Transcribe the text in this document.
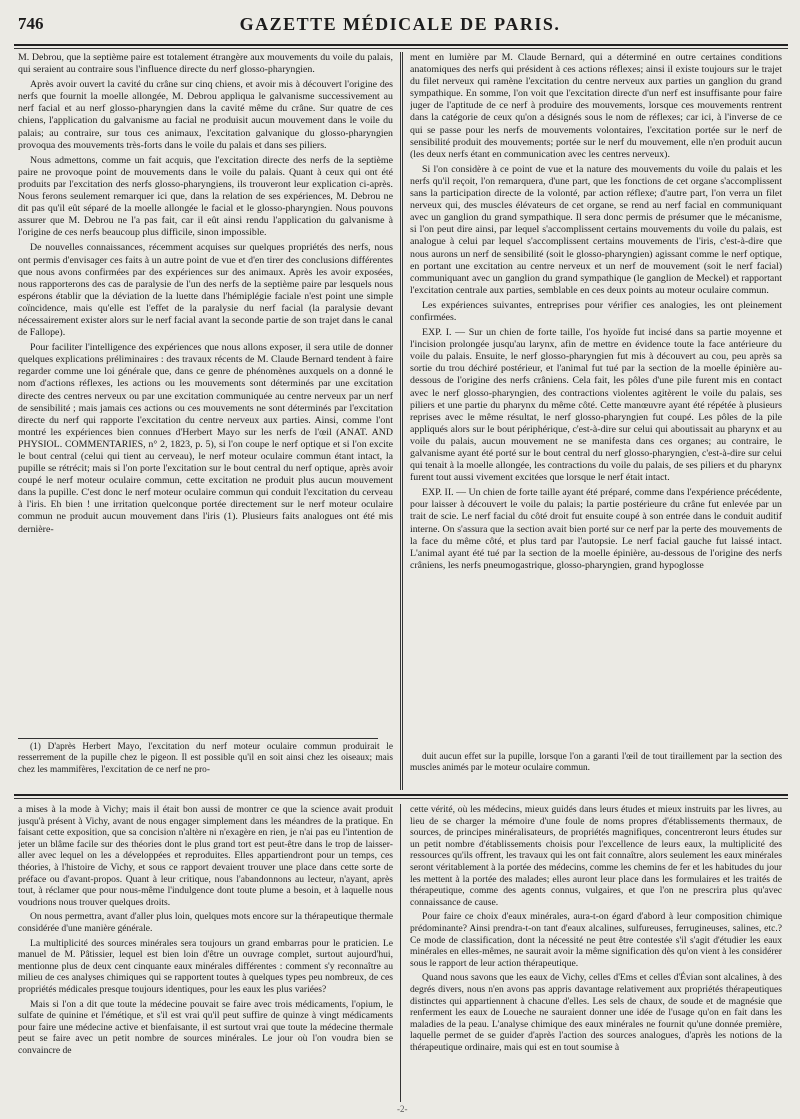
746	GAZETTE MÉDICALE DE PARIS.

M. Debrou, que la septième paire est totalement étrangère aux mouvements du voile du palais, qui seraient au contraire sous l'influence directe du nerf glosso-pharyngien.

Après avoir ouvert la cavité du crâne sur cinq chiens, et avoir mis à découvert l'origine des nerfs que fournit la moelle allongée, M. Debrou appliqua le galvanisme successivement au nerf facial et au nerf glosso-pharyngien dans la cavité même du crâne. Sur quatre de ces chiens, l'application du galvanisme au facial ne produisit aucun mouvement dans le voile du palais; au contraire, sur tous ces animaux, l'excitation galvanique du glosso-pharyngien provoqua des mouvements très-forts dans le voile du palais et dans ses piliers.

Nous admettons, comme un fait acquis, que l'excitation directe des nerfs de la septième paire ne provoque point de mouvements dans le voile du palais. Quant à ceux qui ont été produits par l'excitation des nerfs glosso-pharyngiens, ils trouveront leur explication ci-après. Nous ferons seulement remarquer ici que, dans la relation de ses expériences, M. Debrou ne dit pas qu'il eût séparé de la moelle allongée le facial et le glosso-pharyngien. Nous pouvons assurer que M. Debrou ne l'a pas fait, car il eût ainsi rendu l'application du galvanisme à l'origine de ces nerfs beaucoup plus difficile, sinon impossible.

De nouvelles connaissances, récemment acquises sur quelques propriétés des nerfs, nous ont permis d'envisager ces faits à un autre point de vue et d'en tirer des conclusions différentes que nous avons confirmées par des expériences sur des animaux. Après les avoir exposées, nous rapporterons des cas de paralysie de l'un des nerfs de la septième paire par lesquels nous espérons établir que la déviation de la luette dans l'hémiplégie faciale n'est point une simple coïncidence, mais qu'elle est l'effet de la paralysie du nerf facial (la paralysie devant nécessairement exister alors sur le nerf facial avant la seconde partie de son trajet dans le canal de Fallope).

Pour faciliter l'intelligence des expériences que nous allons exposer, il sera utile de donner quelques explications préliminaires : des travaux récents de M. Claude Bernard tendent à faire regarder comme une loi générale que, dans ce genre de phénomènes auxquels on a donné le nom d'actions réflexes, les actions ou les mouvements sont déterminés par une excitation directe des centres nerveux ou par une excitation communiquée au centre nerveux par un nerf de sensibilité ; mais jamais ces actions ou ces mouvements ne sont déterminés par l'excitation directe du nerf qui rapporte l'excitation du centre nerveux aux parties. Ainsi, comme l'ont montré les expériences bien connues d'Herbert Mayo sur les nerfs de l'œil (ANAT. AND PHYSIOL. COMMENTARIES, n° 2, 1823, p. 5), si l'on coupe le nerf optique et si l'on excite le bout central (celui qui tient au cerveau), le nerf moteur oculaire commun étant intact, la pupille se rétrécit; mais si l'on porte l'excitation sur le bout central du nerf optique, après avoir coupé le nerf moteur oculaire commun, cette excitation ne produit plus aucun mouvement dans la pupille. C'est donc le nerf moteur oculaire commun qui conduit l'excitation du cerveau à l'iris. Eh bien ! une irritation quelconque portée directement sur le nerf moteur oculaire commun ne produit aucun mouvement dans l'iris (1). Plusieurs faits analogues ont été mis dernière-

ment en lumière par M. Claude Bernard, qui a déterminé en outre certaines conditions anatomiques des nerfs qui président à ces actions réflexes; ainsi il existe toujours sur le trajet du filet nerveux qui ramène l'excitation du centre nerveux aux parties un ganglion du grand sympathique. En somme, l'on voit que l'excitation directe d'un nerf est insuffisante pour faire juger de l'aptitude de ce nerf à produire des mouvements, lorsque ces mouvements rentrent dans la catégorie de ceux qu'on a désignés sous le nom de réflexes; car ici, à l'inverse de ce qui se passe pour les nerfs de mouvements volontaires, l'excitation portée sur le nerf de sensibilité produit des mouvements; portée sur le nerf du mouvement, elle n'en produit aucun (les deux nerfs étant en communication avec les centres nerveux).

Si l'on considère à ce point de vue et la nature des mouvements du voile du palais et les nerfs qu'il reçoit, l'on remarquera, d'une part, que les fonctions de cet organe s'accomplissent sans la participation directe de la volonté, par action réflexe; d'autre part, l'on verra un filet nerveux qui, des muscles élévateurs de cet organe, se rend au nerf facial en communiquant avec un ganglion du grand sympathique. Il sera donc permis de présumer que le mécanisme, si l'on peut dire ainsi, par lequel s'accomplissent certains mouvements du voile du palais, est analogue à celui par lequel s'accomplissent certains mouvements de l'iris, c'est-à-dire que nous aurons un nerf de sensibilité (soit le glosso-pharyngien) agissant comme le nerf optique, en portant une excitation au centre nerveux et un nerf de mouvement (soit le nerf facial) communiquant avec un ganglion du grand sympathique (le ganglion de Meckel) et rapportant l'excitation centrale aux parties, semblable en ces deux points au moteur oculaire commun.

Les expériences suivantes, entreprises pour vérifier ces analogies, les ont pleinement confirmées.

EXP. I. — Sur un chien de forte taille, l'os hyoïde fut incisé dans sa partie moyenne et l'incision prolongée jusqu'au larynx, afin de mettre en évidence toute la face antérieure du voile du palais. Ensuite, le nerf glosso-pharyngien fut mis à découvert au cou, peu après sa sortie du trou déchiré postérieur, et l'animal fut tué par la section de la moelle épinière au-dessous de l'origine des nerfs crâniens. Cela fait, les pôles d'une pile furent mis en contact avec le nerf glosso-pharyngien, des contractions violentes agitèrent le voile du palais, ses piliers et une partie du pharynx du même côté. Cette manœuvre ayant été répétée à plusieurs reprises avec le même résultat, le nerf glosso-pharyngien fut coupé. Les pôles de la pile appliqués alors sur le bout périphérique, c'est-à-dire sur celui qui aboutissait au pharynx et au voile du palais, aucun mouvement ne se manifesta dans ces organes; au contraire, le galvanisme ayant été porté sur le bout central du nerf glosso-pharyngien, c'est-à-dire sur celui qui tenait à la moelle allongée, les contractions du voile du palais, de ses piliers et du pharynx furent tout aussi vivement excitées que lorsque le nerf était intact.

EXP. II. — Un chien de forte taille ayant été préparé, comme dans l'expérience précédente, pour laisser à découvert le voile du palais; la partie postérieure du crâne fut enlevée par un trait de scie. Le nerf facial du côté droit fut ensuite coupé à son entrée dans le conduit auditif interne. On s'assura que la section avait bien porté sur ce nerf par la perte des mouvements de la face du même côté, et plus tard par l'autopsie. Le nerf facial gauche fut laissé intact. L'animal ayant été tué par la section de la moelle épinière, au-dessous de l'origine des nerfs crâniens, les nerfs pneumogastrique, glosso-pharyngien, grand hypoglosse

(1) D'après Herbert Mayo, l'excitation du nerf moteur oculaire commun produirait le resserrement de la pupille chez le pigeon. Il est possible qu'il en soit ainsi chez les oiseaux; mais chez les mammifères, l'excitation de ce nerf ne pro-

duit aucun effet sur la pupille, lorsque l'on a garanti l'œil de tout tiraillement par la section des muscles animés par le moteur oculaire commun.

a mises à la mode à Vichy; mais il était bon aussi de montrer ce que la science avait produit jusqu'à présent à Vichy, avant de nous engager simplement dans les méandres de la pratique. En faisant cette exposition, que sa concision n'altère ni n'exagère en rien, je n'ai pas eu l'intention de jeter un blâme facile sur des théories dont le plus grand tort est peut-être dans le trop de laisser-aller avec lequel on les a développées et reproduites. Elles appartiendront pour un temps, ces théories, à l'histoire de Vichy, et sous ce rapport devaient trouver une place dans cette sorte de préface ou d'avant-propos. Quant à leur critique, nous l'abandonnons au lecteur, n'ayant, après tout, à réclamer que pour nous-même l'indulgence dont toute plume a besoin, et à laquelle nous voudrions nous trouver quelques droits.

On nous permettra, avant d'aller plus loin, quelques mots encore sur la thérapeutique thermale considérée d'une manière générale.

La multiplicité des sources minérales sera toujours un grand embarras pour le praticien. Le manuel de M. Pâtissier, lequel est bien loin d'être un ouvrage complet, surtout aujourd'hui, mentionne plus de deux cent cinquante eaux minérales différentes : comment s'y reconnaître au milieu de ces analyses chimiques qui se rapportent toutes à quelques types peu nombreux, de ces propriétés médicales presque toujours identiques, pour les eaux les plus variées?

Mais si l'on a dit que toute la médecine pouvait se faire avec trois médicaments, l'opium, le sulfate de quinine et l'émétique, et s'il est vrai qu'il peut suffire de quinze à vingt médicaments pour faire une médecine active et bienfaisante, il est surtout vrai que toute la médecine thermale peut se faire avec un petit nombre de sources minérales. Le jour où l'on voudra bien se convaincre de

cette vérité, où les médecins, mieux guidés dans leurs études et mieux instruits par les livres, au lieu de se charger la mémoire d'une foule de noms propres d'établissements thermaux, de sources, de principes minéralisateurs, de propriétés magnifiques, concentreront leurs études sur un petit nombre d'établissements choisis pour l'excellence de leurs eaux, la multiplicité des ressources qu'ils offrent, les travaux qui les ont fait connaître, alors seulement les eaux minérales seront véritablement à la portée des médecins, comme les chemins de fer et les habitudes du jour les mettent à la portée des malades; elles auront leur place dans les formulaires et les traités de thérapeutique, comme des agents connus, vulgaires, et que l'on ne prescrira plus qu'avec connaissance de cause.

Pour faire ce choix d'eaux minérales, aura-t-on égard d'abord à leur composition chimique prédominante? Ainsi prendra-t-on tant d'eaux alcalines, sulfureuses, ferrugineuses, salines, etc.? Ce mode de classification, dont la nécessité ne peut être contestée s'il s'agit d'étudier les eaux minérales en elles-mêmes, ne saurait avoir la même signification dès qu'on vient à les considérer sous le rapport de leur action thérapeutique.

Quand nous savons que les eaux de Vichy, celles d'Ems et celles d'Évian sont alcalines, à des degrés divers, nous n'en avons pas appris davantage relativement aux propriétés thérapeutiques distinctes qui appartiennent à chacune d'elles. Les sels de chaux, de soude et de magnésie que renferment les eaux de Loueche ne sauraient donner une idée de l'usage qu'on en fait dans les maladies de la peau. L'analyse chimique des eaux minérales ne fournit qu'une donnée première, laquelle permet de se guider d'après l'action des sources analogues, d'après les notions de la thérapeutique ordinaire, mais qui est en tout soumise à

-2-
